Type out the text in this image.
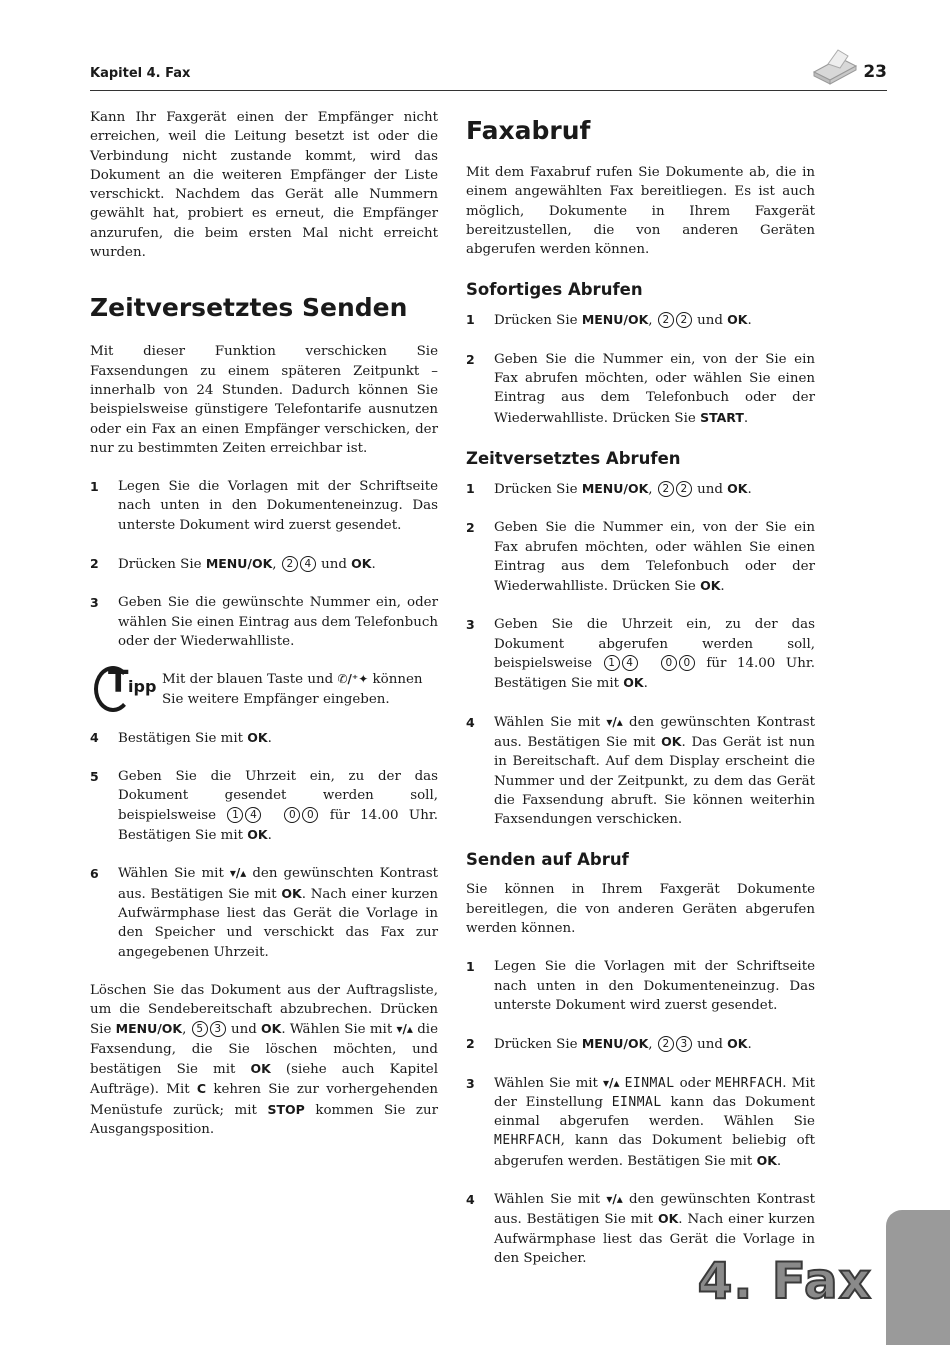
Kapitel 4. Fax	23

Kann Ihr Faxgerät einen der Empfänger nicht erreichen, weil die Leitung besetzt ist oder die Verbindung nicht zustande kommt, wird das Dokument an die weiteren Empfänger der Liste verschickt. Nachdem das Gerät alle Nummern gewählt hat, probiert es erneut, die Empfänger anzurufen, die beim ersten Mal nicht erreicht wurden.

Zeitversetztes Senden

Mit dieser Funktion verschicken Sie Faxsendungen zu einem späteren Zeitpunkt – innerhalb von 24 Stunden. Dadurch können Sie beispielsweise günstigere Telefontarife ausnutzen oder ein Fax an einen Empfänger verschicken, der nur zu bestimmten Zeiten erreichbar ist.

1 Legen Sie die Vorlagen mit der Schriftseite nach unten in den Dokumenteneinzug. Das unterste Dokument wird zuerst gesendet.
2 Drücken Sie MENU/OK, 2 4 und OK.
3 Geben Sie die gewünschte Nummer ein, oder wählen Sie einen Eintrag aus dem Telefonbuch oder der Wiederwahlliste.
T ipp Mit der blauen Taste und ✆/⁺✦ können Sie weitere Empfänger eingeben.
4 Bestätigen Sie mit OK.
5 Geben Sie die Uhrzeit ein, zu der das Dokument gesendet werden soll, beispielsweise 1 4	0 0 für 14.00 Uhr. Bestätigen Sie mit OK.
6 Wählen Sie mit ▾/▴ den gewünschten Kontrast aus. Bestätigen Sie mit OK. Nach einer kurzen Aufwärmphase liest das Gerät die Vorlage in den Speicher und verschickt das Fax zur angegebenen Uhrzeit.

Löschen Sie das Dokument aus der Auftragsliste, um die Sendebereitschaft abzubrechen. Drücken Sie MENU/OK, 5 3 und OK. Wählen Sie mit ▾/▴ die Faxsendung, die Sie löschen möchten, und bestätigen Sie mit OK (siehe auch Kapitel Aufträge). Mit C kehren Sie zur vorhergehenden Menüstufe zurück; mit STOP kommen Sie zur Ausgangsposition.

Faxabruf

Mit dem Faxabruf rufen Sie Dokumente ab, die in einem angewählten Fax bereitliegen. Es ist auch möglich, Dokumente in Ihrem Faxgerät bereitzustellen, die von anderen Geräten abgerufen werden können.

Sofortiges Abrufen
1 Drücken Sie MENU/OK, 2 2 und OK.
2 Geben Sie die Nummer ein, von der Sie ein Fax abrufen möchten, oder wählen Sie einen Eintrag aus dem Telefonbuch oder der Wiederwahlliste. Drücken Sie START.
Zeitversetztes Abrufen
1 Drücken Sie MENU/OK, 2 2 und OK.
2 Geben Sie die Nummer ein, von der Sie ein Fax abrufen möchten, oder wählen Sie einen Eintrag aus dem Telefonbuch oder der Wiederwahlliste. Drücken Sie OK.
3 Geben Sie die Uhrzeit ein, zu der das Dokument abgerufen werden soll, beispielsweise 1 4	0 0 für 14.00 Uhr. Bestätigen Sie mit OK.
4 Wählen Sie mit ▾/▴ den gewünschten Kontrast aus. Bestätigen Sie mit OK. Das Gerät ist nun in Bereitschaft. Auf dem Display erscheint die Nummer und der Zeitpunkt, zu dem das Gerät die Faxsendung abruft. Sie können weiterhin Faxsendungen verschicken.
Senden auf Abruf

Sie können in Ihrem Faxgerät Dokumente bereitlegen, die von anderen Geräten abgerufen werden können.

1 Legen Sie die Vorlagen mit der Schriftseite nach unten in den Dokumenteneinzug. Das unterste Dokument wird zuerst gesendet.
2 Drücken Sie MENU/OK, 2 3 und OK.
3 Wählen Sie mit ▾/▴ EINMAL oder MEHRFACH. Mit der Einstellung EINMAL kann das Dokument einmal abgerufen werden. Wählen Sie MEHRFACH, kann das Dokument beliebig oft abgerufen werden. Bestätigen Sie mit OK.
4 Wählen Sie mit ▾/▴ den gewünschten Kontrast aus. Bestätigen Sie mit OK. Nach einer kurzen Aufwärmphase liest das Gerät die Vorlage in den Speicher.	4. Fax
